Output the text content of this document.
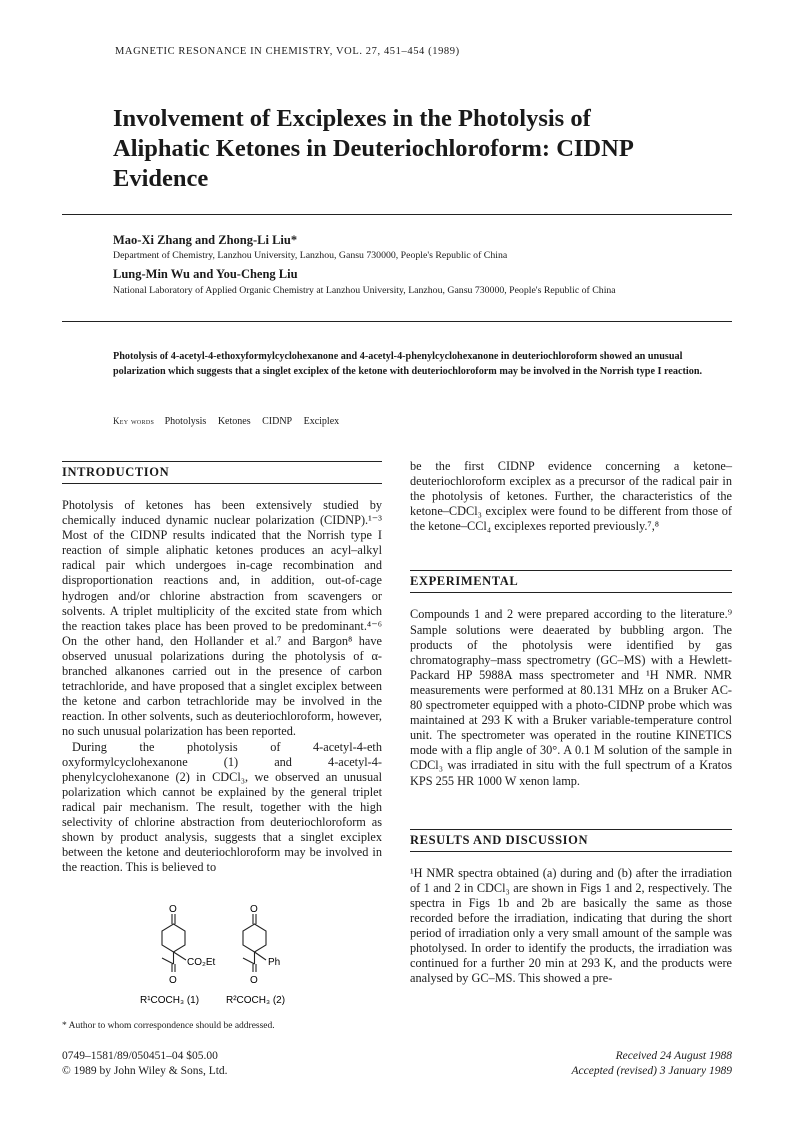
MAGNETIC RESONANCE IN CHEMISTRY, VOL. 27, 451–454 (1989)
Involvement of Exciplexes in the Photolysis of
Aliphatic Ketones in Deuteriochloroform: CIDNP
Evidence
Mao-Xi Zhang and Zhong-Li Liu*
Department of Chemistry, Lanzhou University, Lanzhou, Gansu 730000, People's Republic of China
Lung-Min Wu and You-Cheng Liu
National Laboratory of Applied Organic Chemistry at Lanzhou University, Lanzhou, Gansu 730000, People's Republic of China
Photolysis of 4-acetyl-4-ethoxyformylcyclohexanone and 4-acetyl-4-phenylcyclohexanone in deuteriochloroform showed an unusual polarization which suggests that a singlet exciplex of the ketone with deuteriochloroform may be involved in the Norrish type I reaction.
Key words Photolysis Ketones CIDNP Exciplex
INTRODUCTION

Photolysis of ketones has been extensively studied by chemically induced dynamic nuclear polarization (CIDNP).¹⁻³ Most of the CIDNP results indicated that the Norrish type I reaction of simple aliphatic ketones produces an acyl–alkyl radical pair which undergoes in-cage recombination and disproportionation reactions and, in addition, out-of-cage hydrogen and/or chlorine abstraction from scavengers or solvents. A triplet multiplicity of the excited state from which the reaction takes place has been proved to be predominant.⁴⁻⁶ On the other hand, den Hollander et al.⁷ and Bargon⁸ have observed unusual polarizations during the photolysis of α-branched alkanones carried out in the presence of carbon tetrachloride, and have proposed that a singlet exciplex between the ketone and carbon tetrachloride may be involved in the reaction. In other solvents, such as deuteriochloroform, however, no such unusual polarization has been reported.

During the photolysis of 4-acetyl-4-eth oxyformylcyclohexanone (1) and 4-acetyl-4-phenylcyclohexanone (2) in CDCl₃, we observed an unusual polarization which cannot be explained by the general triplet radical pair mechanism. The result, together with the high selectivity of chlorine abstraction from deuteriochloroform as shown by product analysis, suggests that a singlet exciplex between the ketone and deuteriochloroform may be involved in the reaction. This is believed to

O
CO₂Et
O
O
Ph
O
R¹COCH₃ (1)	R²COCH₃ (2)
* Author to whom correspondence should be addressed.
be the first CIDNP evidence concerning a ketone–deuteriochloroform exciplex as a precursor of the radical pair in the photolysis of ketones. Further, the characteristics of the ketone–CDCl₃ exciplex were found to be different from those of the ketone–CCl₄ exciplexes reported previously.⁷,⁸
EXPERIMENTAL
Compounds 1 and 2 were prepared according to the literature.⁹ Sample solutions were deaerated by bubbling argon. The products of the photolysis were identified by gas chromatography–mass spectrometry (GC–MS) with a Hewlett-Packard HP 5988A mass spectrometer and ¹H NMR. NMR measurements were performed at 80.131 MHz on a Bruker AC-80 spectrometer equipped with a photo-CIDNP probe which was maintained at 293 K with a Bruker variable-temperature control unit. The spectrometer was operated in the routine KINETICS mode with a flip angle of 30°. A 0.1 M solution of the sample in CDCl₃ was irradiated in situ with the full spectrum of a Kratos KPS 255 HR 1000 W xenon lamp.
RESULTS AND DISCUSSION
¹H NMR spectra obtained (a) during and (b) after the irradiation of 1 and 2 in CDCl₃ are shown in Figs 1 and 2, respectively. The spectra in Figs 1b and 2b are basically the same as those recorded before the irradiation, indicating that during the short period of irradiation only a very small amount of the sample was photolysed. In order to identify the products, the irradiation was continued for a further 20 min at 293 K, and the products were analysed by GC–MS. This showed a pre-
0749–1581/89/050451–04 $05.00
© 1989 by John Wiley & Sons, Ltd.
Received 24 August 1988
Accepted (revised) 3 January 1989
